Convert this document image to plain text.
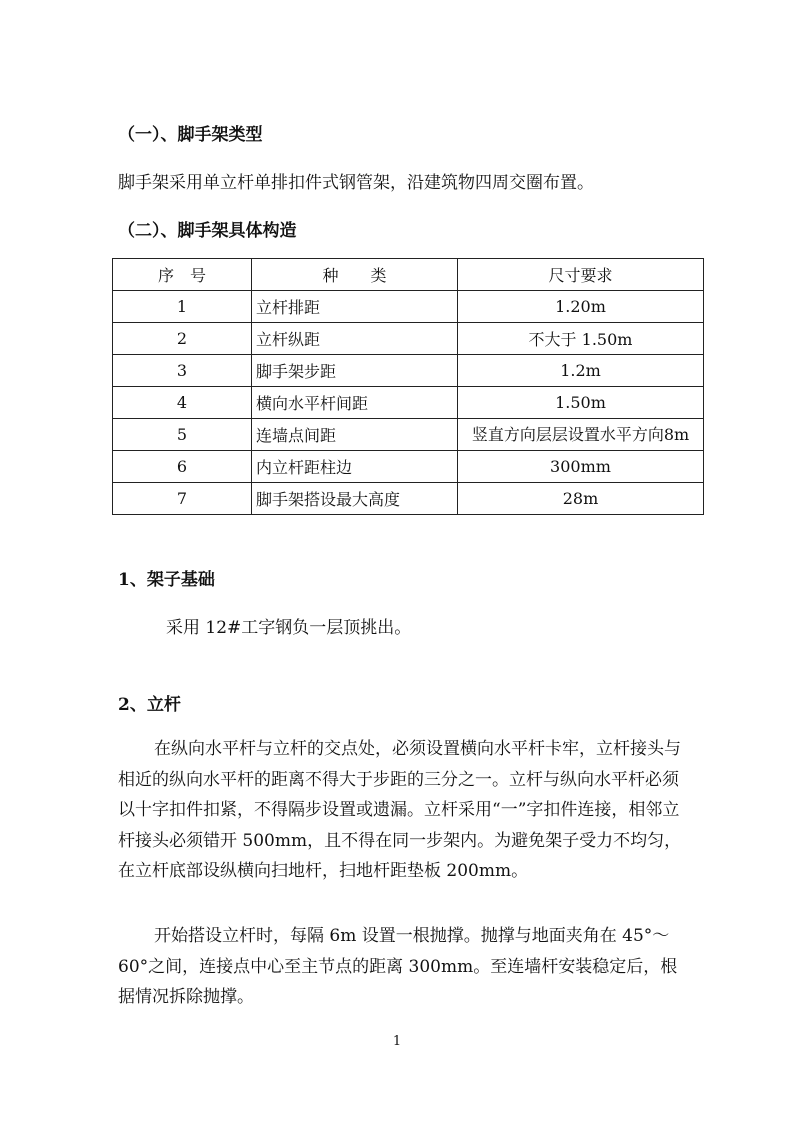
（一）、脚手架类型
脚手架采用单立杆单排扣件式钢管架，沿建筑物四周交圈布置。
（二）、脚手架具体构造
序　号	种　　类	尺寸要求
1	立杆排距	1.20m
2	立杆纵距	不大于 1.50m
3	脚手架步距	1.2m
4	横向水平杆间距	1.50m
5	连墙点间距	竖直方向层层设置水平方向8m
6	内立杆距柱边	300mm
7	脚手架搭设最大高度	28m
1、架子基础
采用 12#工字钢负一层顶挑出。
2、立杆
在纵向水平杆与立杆的交点处，必须设置横向水平杆卡牢，立杆接头与相近的纵向水平杆的距离不得大于步距的三分之一。立杆与纵向水平杆必须以十字扣件扣紧，不得隔步设置或遗漏。立杆采用“一”字扣件连接，相邻立杆接头必须错开 500mm，且不得在同一步架内。为避免架子受力不均匀，在立杆底部设纵横向扫地杆，扫地杆距垫板 200mm。
开始搭设立杆时，每隔 6m 设置一根抛撑。抛撑与地面夹角在 45°～60°之间，连接点中心至主节点的距离 300mm。至连墙杆安装稳定后，根据情况拆除抛撑。
1
